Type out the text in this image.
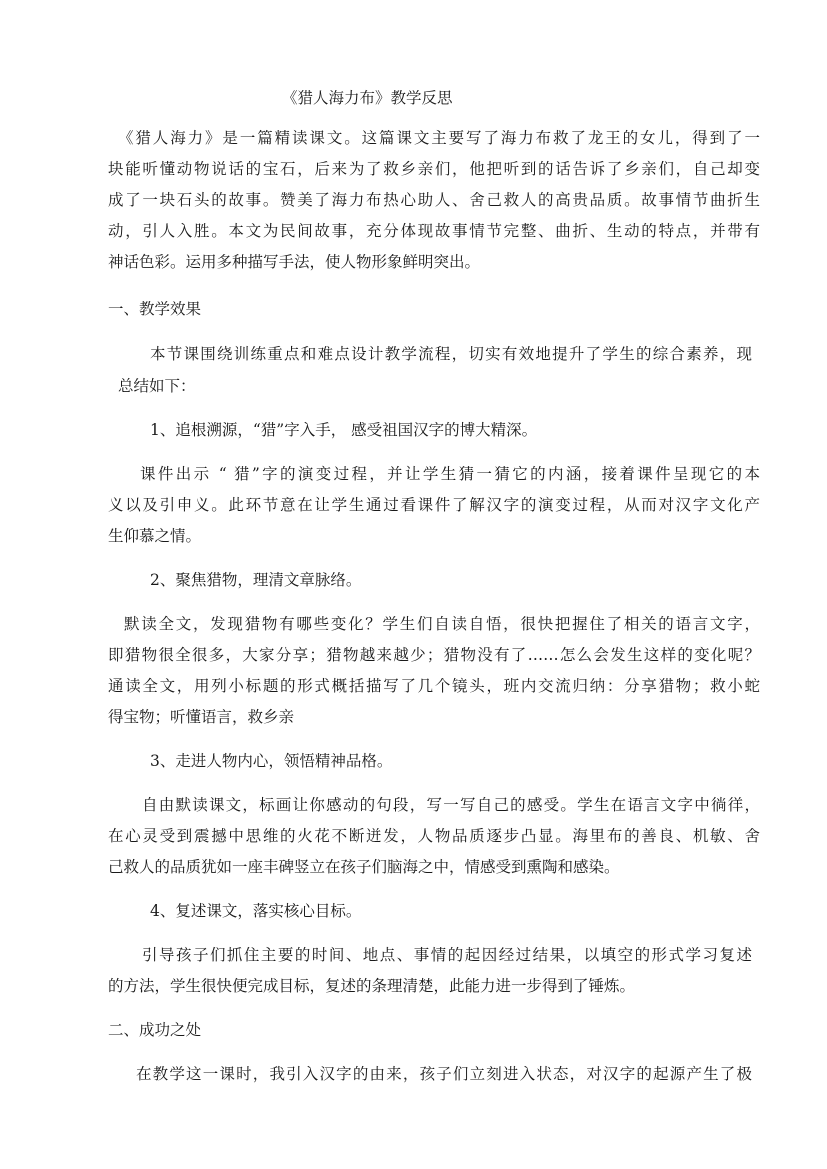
《猎人海力布》教学反思
《猎人海力》是一篇精读课文。这篇课文主要写了海力布救了龙王的女儿，得到了一
块能听懂动物说话的宝石，后来为了救乡亲们，他把听到的话告诉了乡亲们，自己却变
成了一块石头的故事。赞美了海力布热心助人、舍己救人的高贵品质。故事情节曲折生
动，引人入胜。本文为民间故事，充分体现故事情节完整、曲折、生动的特点，并带有
神话色彩。运用多种描写手法，使人物形象鲜明突出。
一、教学效果
本节课围绕训练重点和难点设计教学流程，切实有效地提升了学生的综合素养，现
总结如下：
1、追根溯源，“猎”字入手， 感受祖国汉字的博大精深。
课件出示 “ 猎”字的演变过程，并让学生猜一猜它的内涵，接着课件呈现它的本
义以及引申义。此环节意在让学生通过看课件了解汉字的演变过程，从而对汉字文化产
生仰慕之情。
2、聚焦猎物，理清文章脉络。
默读全文，发现猎物有哪些变化？学生们自读自悟，很快把握住了相关的语言文字，
即猎物很全很多，大家分享；猎物越来越少；猎物没有了……怎么会发生这样的变化呢？
通读全文，用列小标题的形式概括描写了几个镜头，班内交流归纳：分享猎物；救小蛇
得宝物；听懂语言，救乡亲
3、走进人物内心，领悟精神品格。
自由默读课文，标画让你感动的句段，写一写自己的感受。学生在语言文字中徜徉，
在心灵受到震撼中思维的火花不断迸发，人物品质逐步凸显。海里布的善良、机敏、舍
己救人的品质犹如一座丰碑竖立在孩子们脑海之中，情感受到熏陶和感染。
4、复述课文，落实核心目标。
引导孩子们抓住主要的时间、地点、事情的起因经过结果，以填空的形式学习复述
的方法，学生很快便完成目标，复述的条理清楚，此能力进一步得到了锤炼。
二、成功之处
在教学这一课时，我引入汉字的由来，孩子们立刻进入状态，对汉字的起源产生了极
